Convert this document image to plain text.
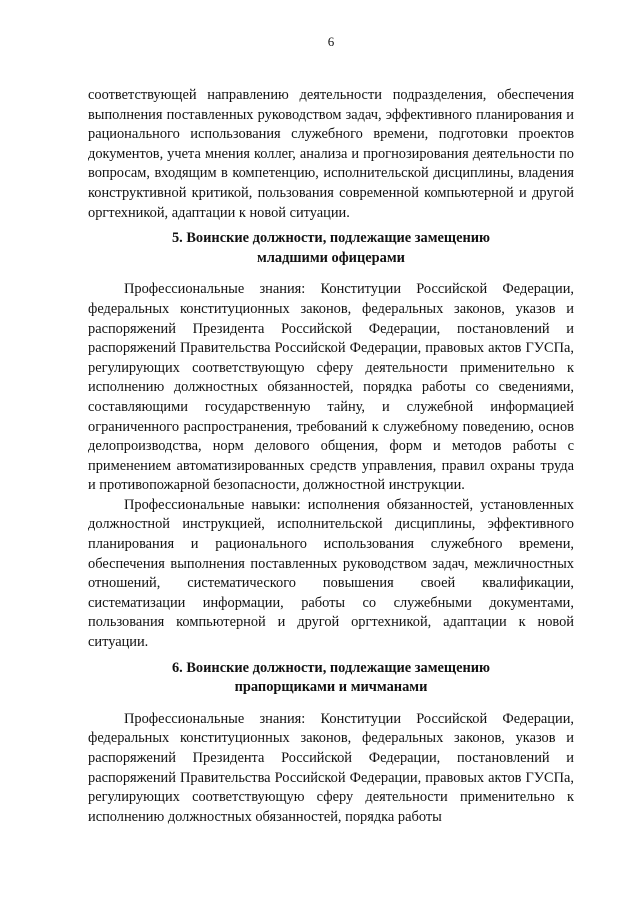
6

соответствующей направлению деятельности подразделения, обеспечения выполнения поставленных руководством задач, эффективного планирования и рационального использования служебного времени, подготовки проектов документов, учета мнения коллег, анализа и прогнозирования деятельности по вопросам, входящим в компетенцию, исполнительской дисциплины, владения конструктивной критикой, пользования современной компьютерной и другой оргтехникой, адаптации к новой ситуации.

5. Воинские должности, подлежащие замещению
младшими офицерами

Профессиональные знания: Конституции Российской Федерации, федеральных конституционных законов, федеральных законов, указов и распоряжений Президента Российской Федерации, постановлений и распоряжений Правительства Российской Федерации, правовых актов ГУСПа, регулирующих соответствующую сферу деятельности применительно к исполнению должностных обязанностей, порядка работы со сведениями, составляющими государственную тайну, и служебной информацией ограниченного распространения, требований к служебному поведению, основ делопроизводства, норм делового общения, форм и методов работы с применением автоматизированных средств управления, правил охраны труда и противопожарной безопасности, должностной инструкции.

Профессиональные навыки: исполнения обязанностей, установленных должностной инструкцией, исполнительской дисциплины, эффективного планирования и рационального использования служебного времени, обеспечения выполнения поставленных руководством задач, межличностных отношений, систематического повышения своей квалификации, систематизации информации, работы со служебными документами, пользования компьютерной и другой оргтехникой, адаптации к новой ситуации.

6. Воинские должности, подлежащие замещению
прапорщиками и мичманами

Профессиональные знания: Конституции Российской Федерации, федеральных конституционных законов, федеральных законов, указов и распоряжений Президента Российской Федерации, постановлений и распоряжений Правительства Российской Федерации, правовых актов ГУСПа, регулирующих соответствующую сферу деятельности применительно к исполнению должностных обязанностей, порядка работы
